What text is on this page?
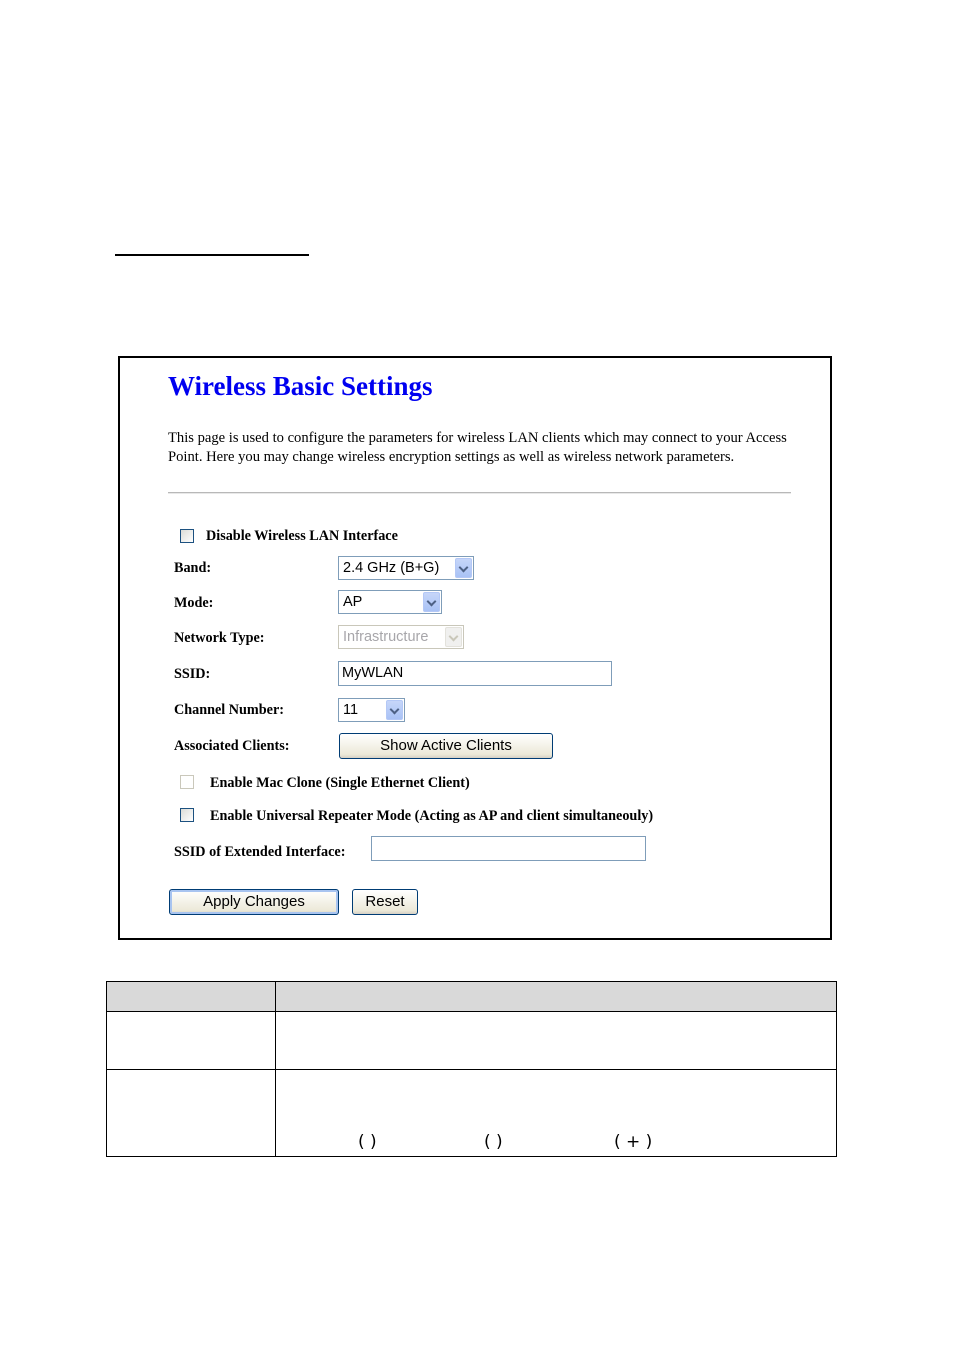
Wireless Basic Settings
This page is used to configure the parameters for wireless LAN clients which may connect to your Access Point. Here you may change wireless encryption settings as well as wireless network parameters.
Disable Wireless LAN Interface
Band:	2.4 GHz (B+G)
Mode:	AP
Network Type:	Infrastructure
SSID:	MyWLAN
Channel Number:	11
Associated Clients:	Show Active Clients
Enable Mac Clone (Single Ethernet Client)
Enable Universal Repeater Mode (Acting as AP and client simultaneouly)
SSID of Extended Interface:
Apply Changes	Reset

	( ) ( ) ( + )
